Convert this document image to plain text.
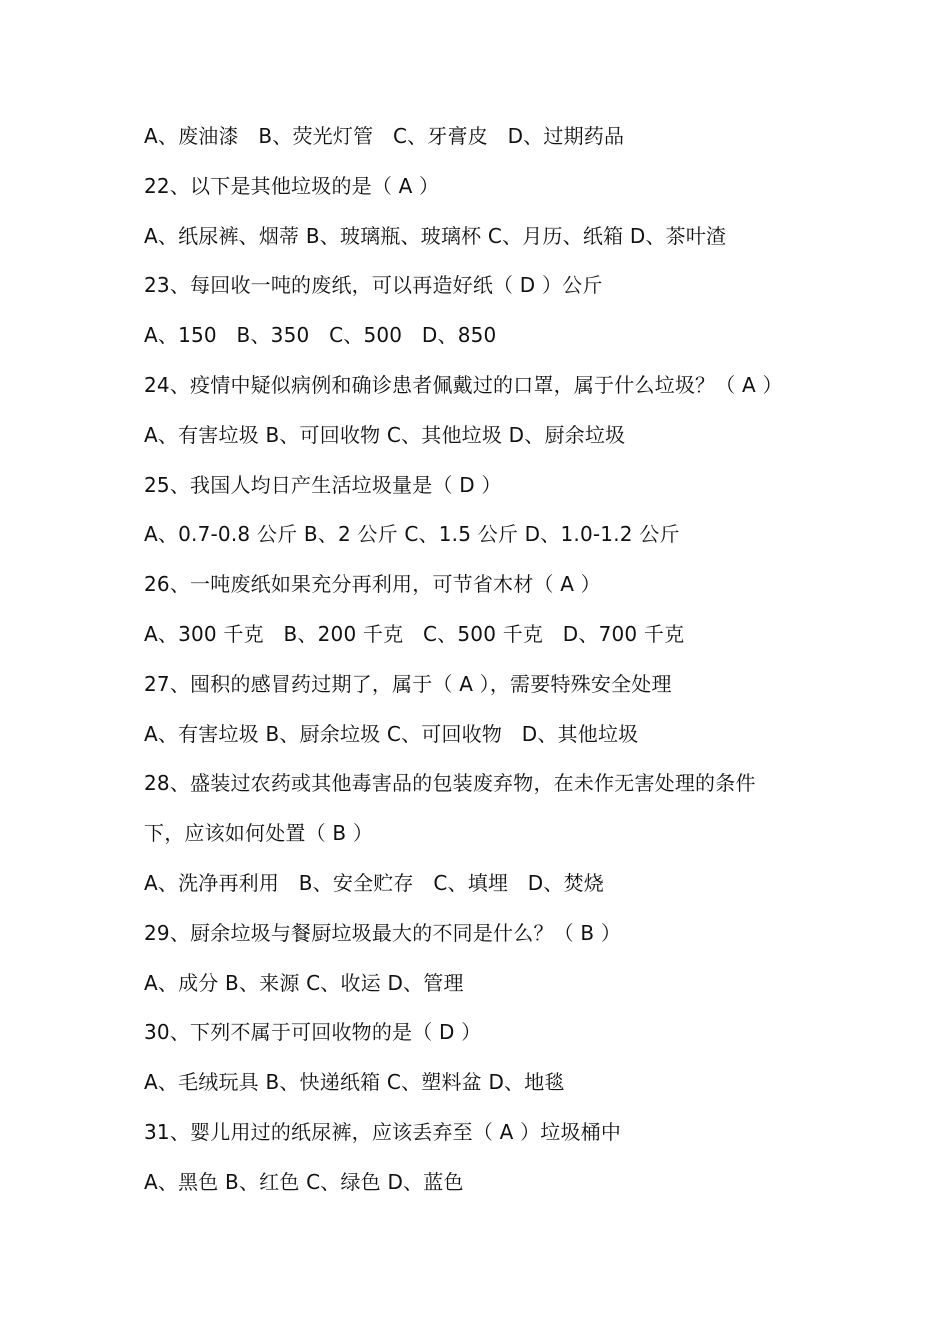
A、废油漆   B、荧光灯管   C、牙膏皮   D、过期药品
22、以下是其他垃圾的是（ A ）
A、纸尿裤、烟蒂 B、玻璃瓶、玻璃杯 C、月历、纸箱 D、茶叶渣
23、每回收一吨的废纸，可以再造好纸（ D ）公斤
A、150   B、350   C、500   D、850
24、疫情中疑似病例和确诊患者佩戴过的口罩，属于什么垃圾？（ A ）
A、有害垃圾 B、可回收物 C、其他垃圾 D、厨余垃圾
25、我国人均日产生活垃圾量是（ D ）
A、0.7-0.8 公斤 B、2 公斤 C、1.5 公斤 D、1.0-1.2 公斤
26、一吨废纸如果充分再利用，可节省木材（ A ）
A、300 千克   B、200 千克   C、500 千克   D、700 千克
27、囤积的感冒药过期了，属于（ A ），需要特殊安全处理
A、有害垃圾 B、厨余垃圾 C、可回收物   D、其他垃圾
28、盛装过农药或其他毒害品的包装废弃物，在未作无害处理的条件
下，应该如何处置（ B ）
A、洗净再利用   B、安全贮存   C、填埋   D、焚烧
29、厨余垃圾与餐厨垃圾最大的不同是什么？（ B ）
A、成分 B、来源 C、收运 D、管理
30、下列不属于可回收物的是（ D ）
A、毛绒玩具 B、快递纸箱 C、塑料盆 D、地毯
31、婴儿用过的纸尿裤，应该丢弃至（ A ）垃圾桶中
A、黑色 B、红色 C、绿色 D、蓝色
